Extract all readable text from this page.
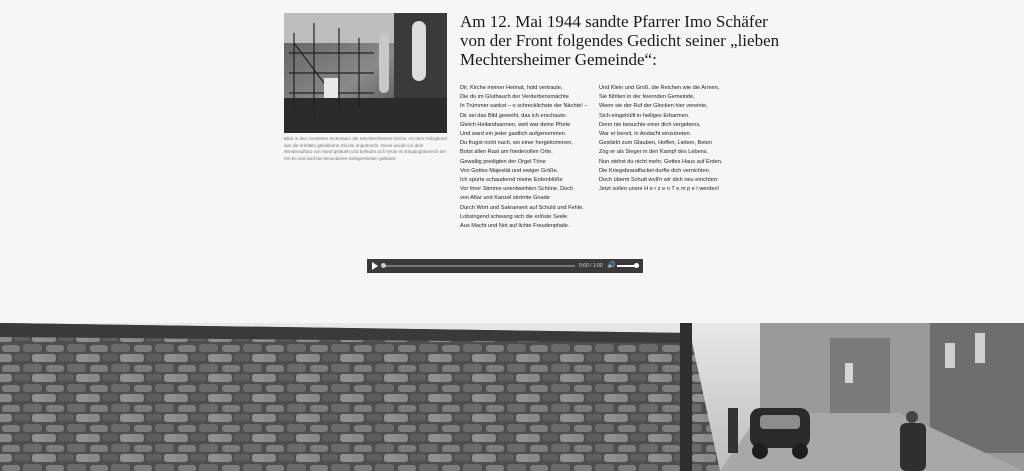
Blick in den zerstörten Innenraum der Mechtersheimer Kirche. An dem Holzgerüst war die erhalten gebliebene Glocke angebracht. Diese wurde vor dem Wiederaufbau von Hand geläutet und befindet sich heute im Eingangsbereich der Kirche und wird bei besonderen Gelegenheiten geläutet.
Am 12. Mai 1944 sandte Pfarrer Imo Schäfer von der Front folgendes Gedicht seiner „lieben Mechtersheimer Gemeinde“:
Dir, Kirche meiner Heimat, hold vertraute,
Die du im Gluthauch der Verderbensmächte
In Trümmer sankst – o schrecklichste der Nächte! –
Dir sei das Bild geweiht, das ich erschaute:
Gleich Heilandsarmen, weit war deine Pforte
Und ward ein jeder gastlich aufgenommen.
Du frugst nicht nach, wo einer hergekommen,
Botst allen Rast am friedevollen Orte.
Gewaltig predigten der Orgel Töne
Von Gottes Majestät und ewiger Größe.
Ich spürte schaudernd meine Erdenblöße
Vor ihrer Stimme unentweihten Schöne. Doch
von Altar und Kanzel strömte Gnade
Durch Wort und Sakrament auf Schuld und Fehle. Lobsingend schwang sich die erlöste Seele
Aus Macht und Not auf lichte Freudenpfade.
Und Klein und Groß, die Reichen wie die Armen,
Sie fühlten in der feiernden Gemeinde,
Wenn sie der Ruf der Glocken hier vereinte,
Sich eingehüllt in heiliges Erbarmen.
Denn nie besuchte einer dich vergebens,
War er bereit, in Andacht einzutreten.
Gestärkt zum Glauben, Hoffen, Lieben, Beten
Zog er als Sieger in den Kampf des Lebens.
Nun stehst du nicht mehr, Gottes Haus auf Erden.
Die Kriegsbrandfackel durfte dich vernichten.
Doch überm Schutt woll'n wir dich neu errichten:
Jetzt sollen unsre H e r z e n T e m p e l werden!
0:00 / 1:00 🔊
